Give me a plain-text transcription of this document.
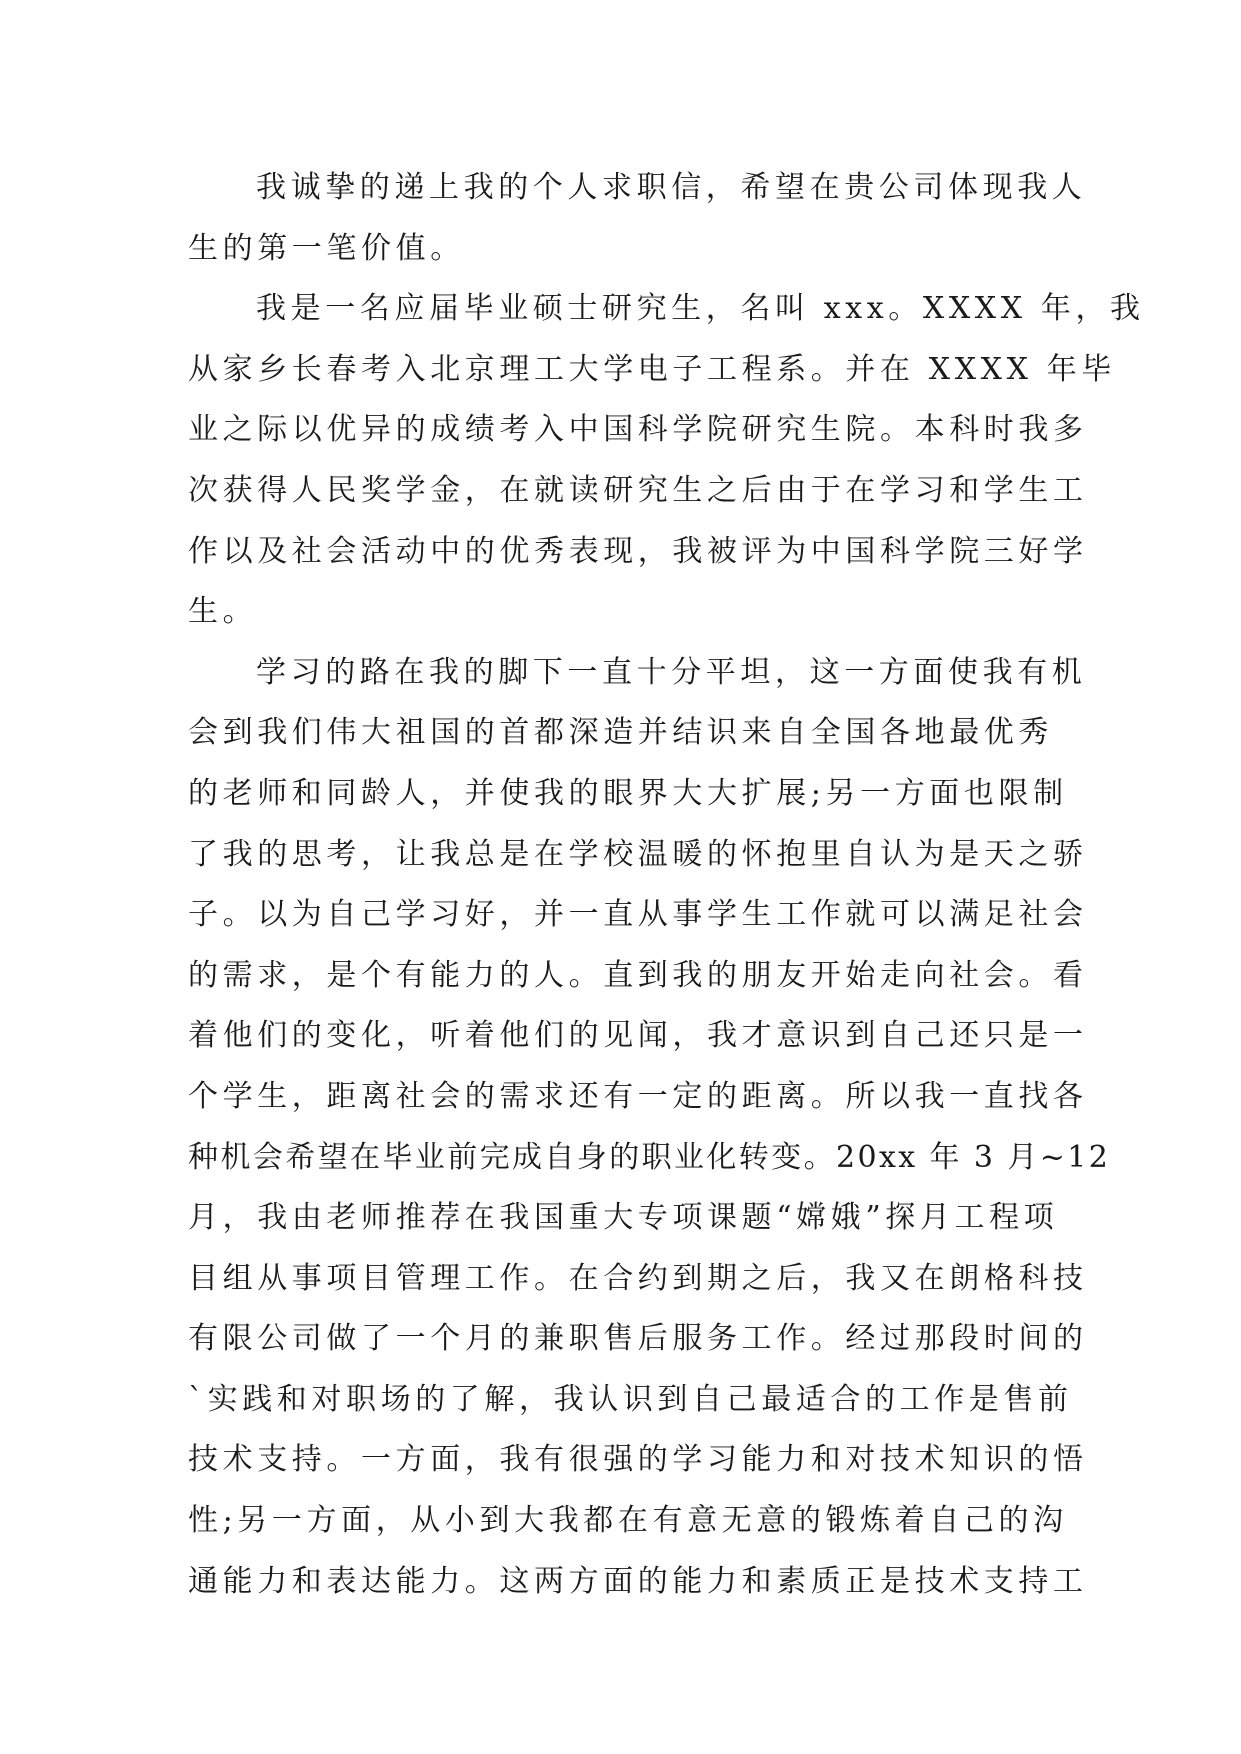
我诚挚的递上我的个人求职信，希望在贵公司体现我人
生的第一笔价值。
我是一名应届毕业硕士研究生，名叫 xxx。XXXX 年，我
从家乡长春考入北京理工大学电子工程系。并在 XXXX 年毕
业之际以优异的成绩考入中国科学院研究生院。本科时我多
次获得人民奖学金，在就读研究生之后由于在学习和学生工
作以及社会活动中的优秀表现，我被评为中国科学院三好学
生。
学习的路在我的脚下一直十分平坦，这一方面使我有机
会到我们伟大祖国的首都深造并结识来自全国各地最优秀
的老师和同龄人，并使我的眼界大大扩展;另一方面也限制
了我的思考，让我总是在学校温暖的怀抱里自认为是天之骄
子。以为自己学习好，并一直从事学生工作就可以满足社会
的需求，是个有能力的人。直到我的朋友开始走向社会。看
着他们的变化，听着他们的见闻，我才意识到自己还只是一
个学生，距离社会的需求还有一定的距离。所以我一直找各
种机会希望在毕业前完成自身的职业化转变。20xx 年 3 月~12
月，我由老师推荐在我国重大专项课题“嫦娥”探月工程项
目组从事项目管理工作。在合约到期之后，我又在朗格科技
有限公司做了一个月的兼职售后服务工作。经过那段时间的
`实践和对职场的了解，我认识到自己最适合的工作是售前
技术支持。一方面，我有很强的学习能力和对技术知识的悟
性;另一方面，从小到大我都在有意无意的锻炼着自己的沟
通能力和表达能力。这两方面的能力和素质正是技术支持工
